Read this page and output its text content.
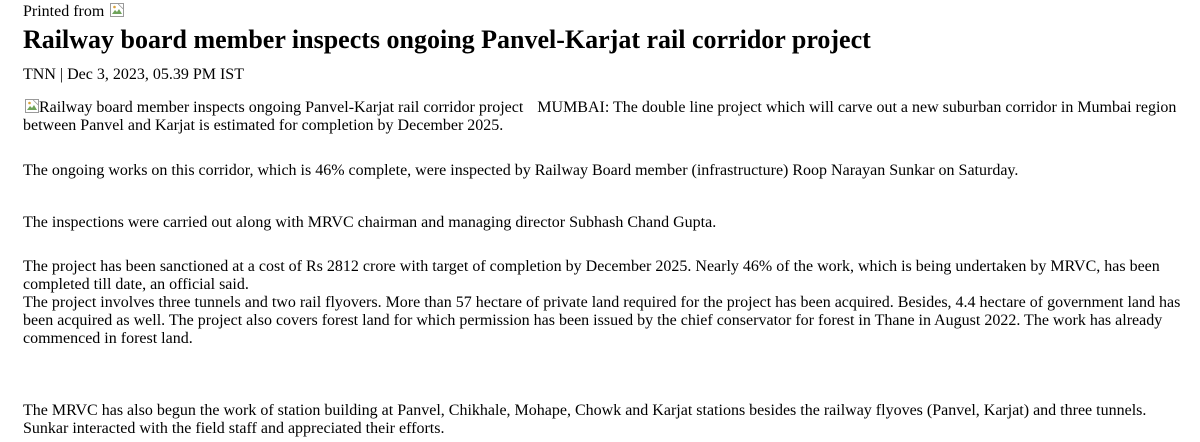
Printed from
Railway board member inspects ongoing Panvel-Karjat rail corridor project
TNN | Dec 3, 2023, 05.39 PM IST

Railway board member inspects ongoing Panvel-Karjat rail corridor project MUMBAI: The double line project which will carve out a new suburban corridor in Mumbai region between Panvel and Karjat is estimated for completion by December 2025.

The ongoing works on this corridor, which is 46% complete, were inspected by Railway Board member (infrastructure) Roop Narayan Sunkar on Saturday.

The inspections were carried out along with MRVC chairman and managing director Subhash Chand Gupta.

The project has been sanctioned at a cost of Rs 2812 crore with target of completion by December 2025. Nearly 46% of the work, which is being undertaken by MRVC, has been completed till date, an official said.
The project involves three tunnels and two rail flyovers. More than 57 hectare of private land required for the project has been acquired. Besides, 4.4 hectare of government land has been acquired as well. The project also covers forest land for which permission has been issued by the chief conservator for forest in Thane in August 2022. The work has already commenced in forest land.

The MRVC has also begun the work of station building at Panvel, Chikhale, Mohape, Chowk and Karjat stations besides the railway flyoves (Panvel, Karjat) and three tunnels. Sunkar interacted with the field staff and appreciated their efforts.
